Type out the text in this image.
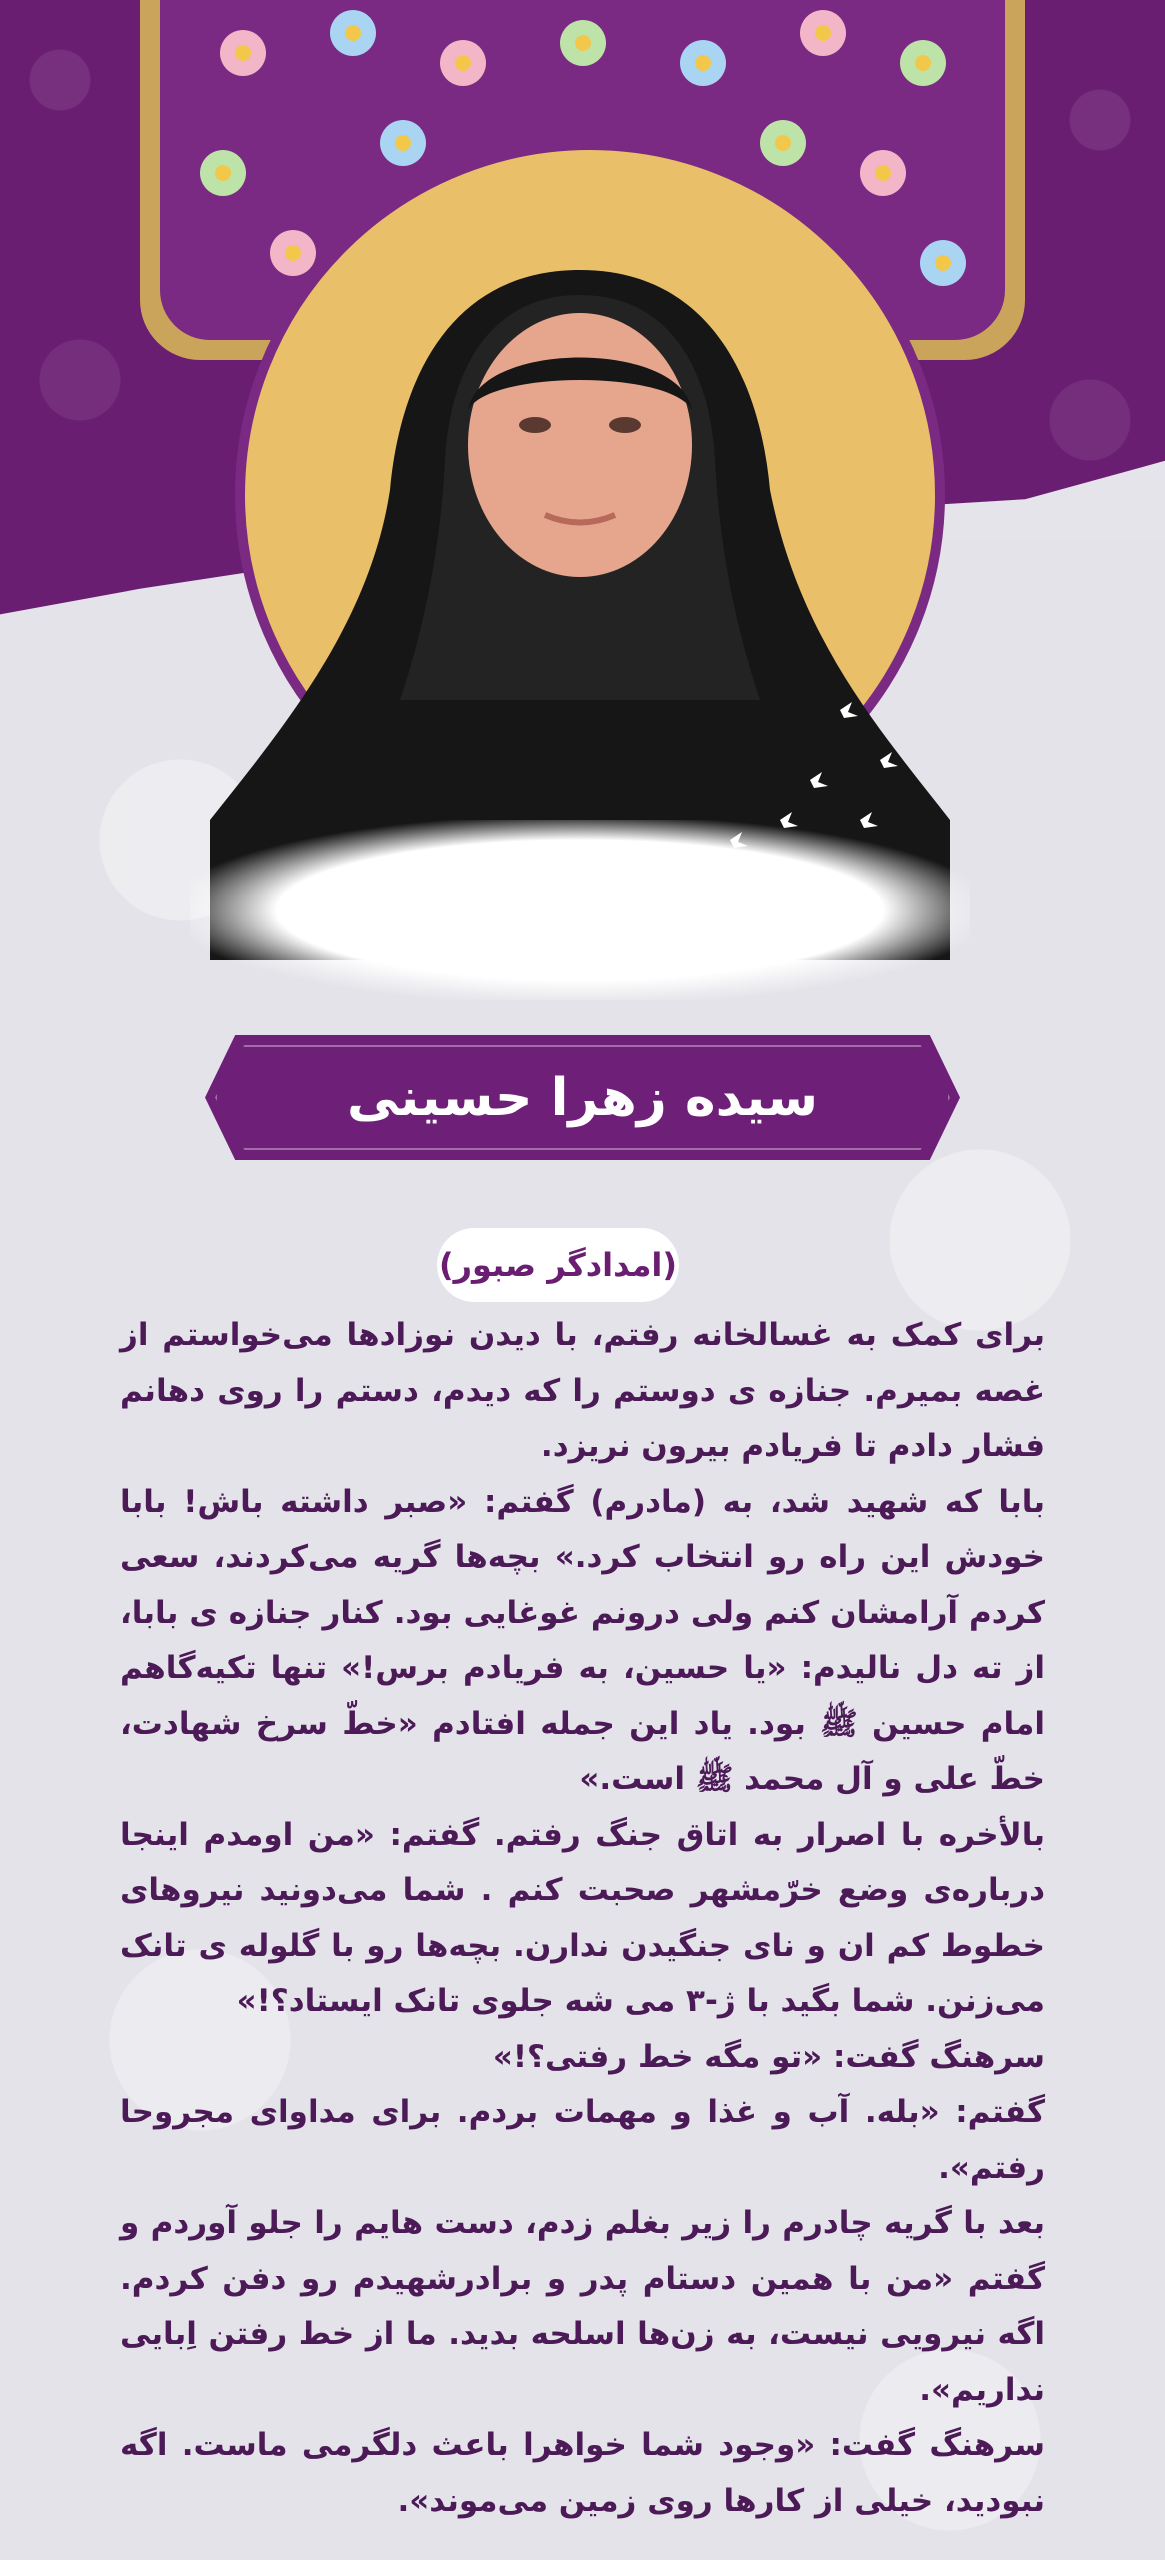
سیده زهرا حسینی
(امدادگر صبور)

برای کمک به غسالخانه رفتم، با دیدن نوزادها می‌خواستم از غصه بمیرم. جنازه ی دوستم را که دیدم، دستم را روی دهانم فشار دادم تا فریادم بیرون نریزد.

بابا که شهید شد، به (مادرم) گفتم: «صبر داشته باش! بابا خودش این راه رو انتخاب کرد.» بچه‌ها گریه می‌کردند، سعی کردم آرامشان کنم ولی درونم غوغایی بود. کنار جنازه ی بابا، از ته دل نالیدم: «یا حسین، به فریادم برس!» تنها تکیه‌گاهم امام حسین ﷺ بود. یاد این جمله افتادم «خطّ سرخ شهادت، خطّ علی و آل محمد ﷺ است.»

بالأخره با اصرار به اتاق جنگ رفتم. گفتم: «من اومدم اینجا درباره‌ی وضع خرّمشهر صحبت کنم . شما می‌دونید نیروهای خطوط کم ان و نای جنگیدن ندارن. بچه‌ها رو با گلوله ی تانک می‌زنن. شما بگید با ژ-۳ می شه جلوی تانک ایستاد؟!»

سرهنگ گفت: «تو مگه خط رفتی؟!»

گفتم: «بله. آب و غذا و مهمات بردم. برای مداوای مجروحا رفتم».

بعد با گریه چادرم را زیر بغلم زدم، دست هایم را جلو آوردم و گفتم «من با همین دستام پدر و برادرشهیدم رو دفن کردم. اگه نیرویی نیست، به زن‌ها اسلحه بدید. ما از خط رفتن اِبایی نداریم».

سرهنگ گفت: «وجود شما خواهرا باعث دلگرمی ماست. اگه نبودید، خیلی از کارها روی زمین می‌موند».
